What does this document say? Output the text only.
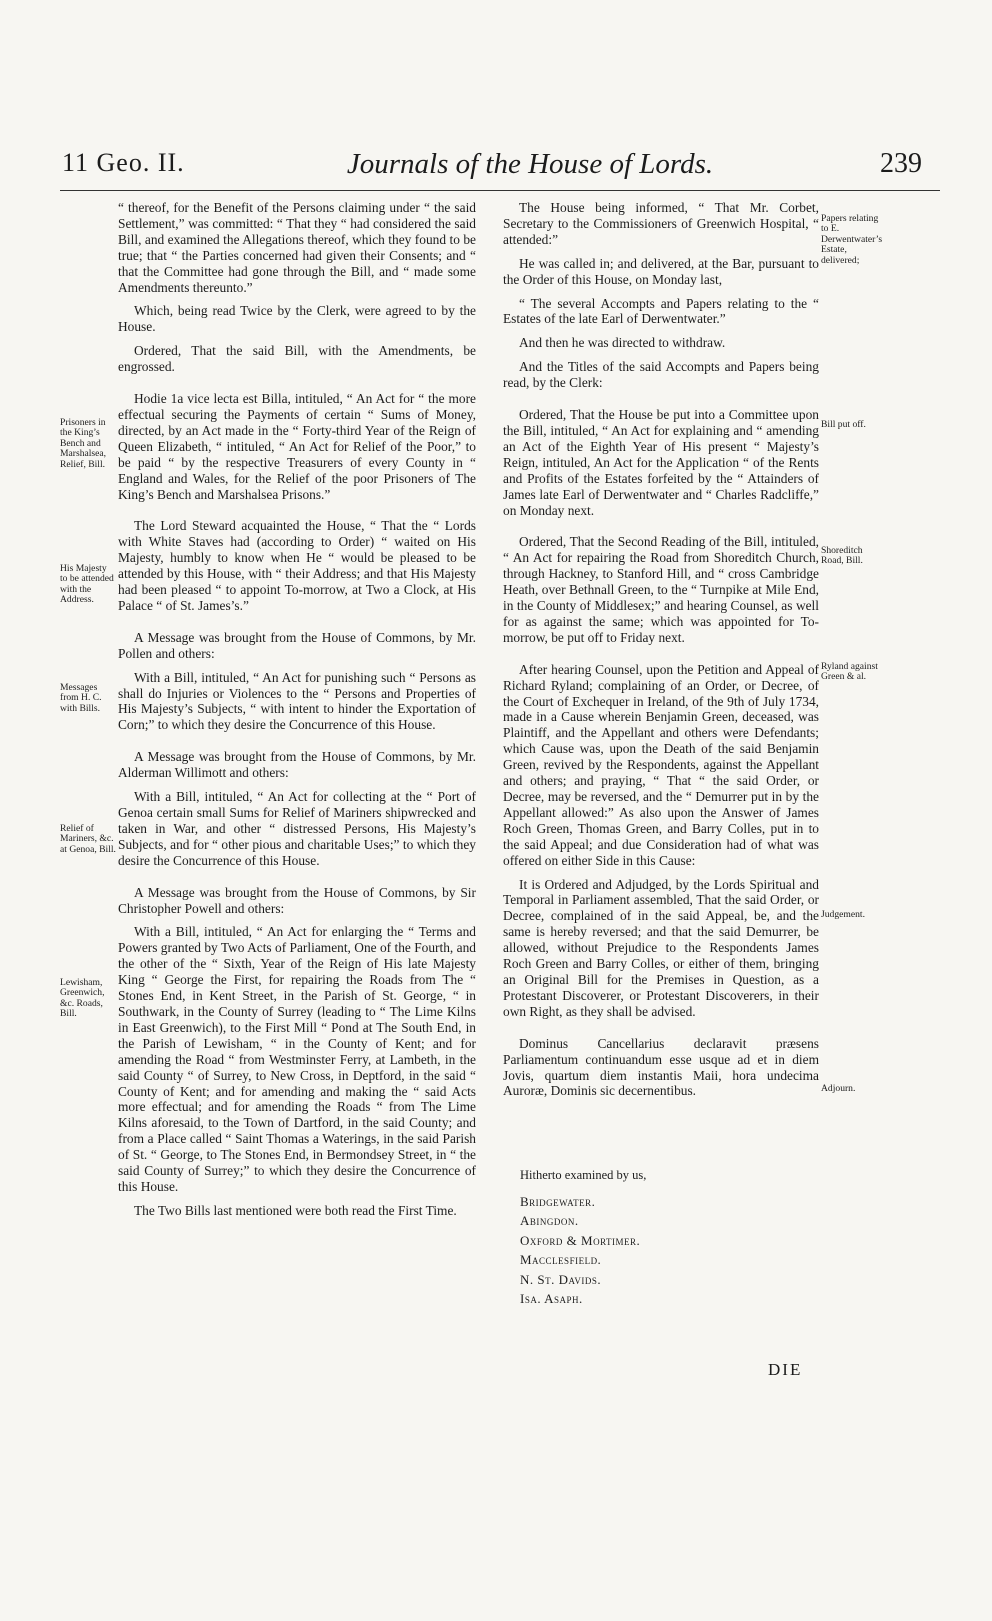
11 Geo. II.	Journals of the House of Lords.	239
Prisoners in the King’s Bench and Marshalsea, Relief, Bill.
His Majesty to be attended with the Address.
Messages from H. C. with Bills.
Relief of Mariners, &c. at Genoa, Bill.
Lewisham, Greenwich, &c. Roads, Bill.
Papers relating to E. Derwentwater’s Estate, delivered;
Bill put off.
Shoreditch Road, Bill.
Ryland against Green & al.
Judgement.
Adjourn.

“ thereof, for the Benefit of the Persons claiming under “ the said Settlement,” was committed: “ That they “ had considered the said Bill, and examined the Allegations thereof, which they found to be true; that “ the Parties concerned had given their Consents; and “ that the Committee had gone through the Bill, and “ made some Amendments thereunto.”

Which, being read Twice by the Clerk, were agreed to by the House.

Ordered, That the said Bill, with the Amendments, be engrossed.

Hodie 1a vice lecta est Billa, intituled, “ An Act for “ the more effectual securing the Payments of certain “ Sums of Money, directed, by an Act made in the “ Forty-third Year of the Reign of Queen Elizabeth, “ intituled, “ An Act for Relief of the Poor,” to be paid “ by the respective Treasurers of every County in “ England and Wales, for the Relief of the poor Prisoners of The King’s Bench and Marshalsea Prisons.”

The Lord Steward acquainted the House, “ That the “ Lords with White Staves had (according to Order) “ waited on His Majesty, humbly to know when He “ would be pleased to be attended by this House, with “ their Address; and that His Majesty had been pleased “ to appoint To-morrow, at Two a Clock, at His Palace “ of St. James’s.”

A Message was brought from the House of Commons, by Mr. Pollen and others:

With a Bill, intituled, “ An Act for punishing such “ Persons as shall do Injuries or Violences to the “ Persons and Properties of His Majesty’s Subjects, “ with intent to hinder the Exportation of Corn;” to which they desire the Concurrence of this House.

A Message was brought from the House of Commons, by Mr. Alderman Willimott and others:

With a Bill, intituled, “ An Act for collecting at the “ Port of Genoa certain small Sums for Relief of Mariners shipwrecked and taken in War, and other “ distressed Persons, His Majesty’s Subjects, and for “ other pious and charitable Uses;” to which they desire the Concurrence of this House.

A Message was brought from the House of Commons, by Sir Christopher Powell and others:

With a Bill, intituled, “ An Act for enlarging the “ Terms and Powers granted by Two Acts of Parliament, One of the Fourth, and the other of the “ Sixth, Year of the Reign of His late Majesty King “ George the First, for repairing the Roads from The “ Stones End, in Kent Street, in the Parish of St. George, “ in Southwark, in the County of Surrey (leading to “ The Lime Kilns in East Greenwich), to the First Mill “ Pond at The South End, in the Parish of Lewisham, “ in the County of Kent; and for amending the Road “ from Westminster Ferry, at Lambeth, in the said County “ of Surrey, to New Cross, in Deptford, in the said “ County of Kent; and for amending and making the “ said Acts more effectual; and for amending the Roads “ from The Lime Kilns aforesaid, to the Town of Dartford, in the said County; and from a Place called “ Saint Thomas a Waterings, in the said Parish of St. “ George, to The Stones End, in Bermondsey Street, in “ the said County of Surrey;” to which they desire the Concurrence of this House.

The Two Bills last mentioned were both read the First Time.

The House being informed, “ That Mr. Corbet, Secretary to the Commissioners of Greenwich Hospital, “ attended:”

He was called in; and delivered, at the Bar, pursuant to the Order of this House, on Monday last,

“ The several Accompts and Papers relating to the “ Estates of the late Earl of Derwentwater.”

And then he was directed to withdraw.

And the Titles of the said Accompts and Papers being read, by the Clerk:

Ordered, That the House be put into a Committee upon the Bill, intituled, “ An Act for explaining and “ amending an Act of the Eighth Year of His present “ Majesty’s Reign, intituled, An Act for the Application “ of the Rents and Profits of the Estates forfeited by the “ Attainders of James late Earl of Derwentwater and “ Charles Radcliffe,” on Monday next.

Ordered, That the Second Reading of the Bill, intituled, “ An Act for repairing the Road from Shoreditch Church, through Hackney, to Stanford Hill, and “ cross Cambridge Heath, over Bethnall Green, to the “ Turnpike at Mile End, in the County of Middlesex;” and hearing Counsel, as well for as against the same; which was appointed for To-morrow, be put off to Friday next.

After hearing Counsel, upon the Petition and Appeal of Richard Ryland; complaining of an Order, or Decree, of the Court of Exchequer in Ireland, of the 9th of July 1734, made in a Cause wherein Benjamin Green, deceased, was Plaintiff, and the Appellant and others were Defendants; which Cause was, upon the Death of the said Benjamin Green, revived by the Respondents, against the Appellant and others; and praying, “ That “ the said Order, or Decree, may be reversed, and the “ Demurrer put in by the Appellant allowed:” As also upon the Answer of James Roch Green, Thomas Green, and Barry Colles, put in to the said Appeal; and due Consideration had of what was offered on either Side in this Cause:

It is Ordered and Adjudged, by the Lords Spiritual and Temporal in Parliament assembled, That the said Order, or Decree, complained of in the said Appeal, be, and the same is hereby reversed; and that the said Demurrer, be allowed, without Prejudice to the Respondents James Roch Green and Barry Colles, or either of them, bringing an Original Bill for the Premises in Question, as a Protestant Discoverer, or Protestant Discoverers, in their own Right, as they shall be advised.

Dominus Cancellarius declaravit præsens Parliamentum continuandum esse usque ad et in diem Jovis, quartum diem instantis Maii, hora undecima Auroræ, Dominis sic decernentibus.

Hitherto examined by us,

Bridgewater.
Abingdon.
Oxford & Mortimer.
Macclesfield.
N. St. Davids.
Isa. Asaph.
DIE
